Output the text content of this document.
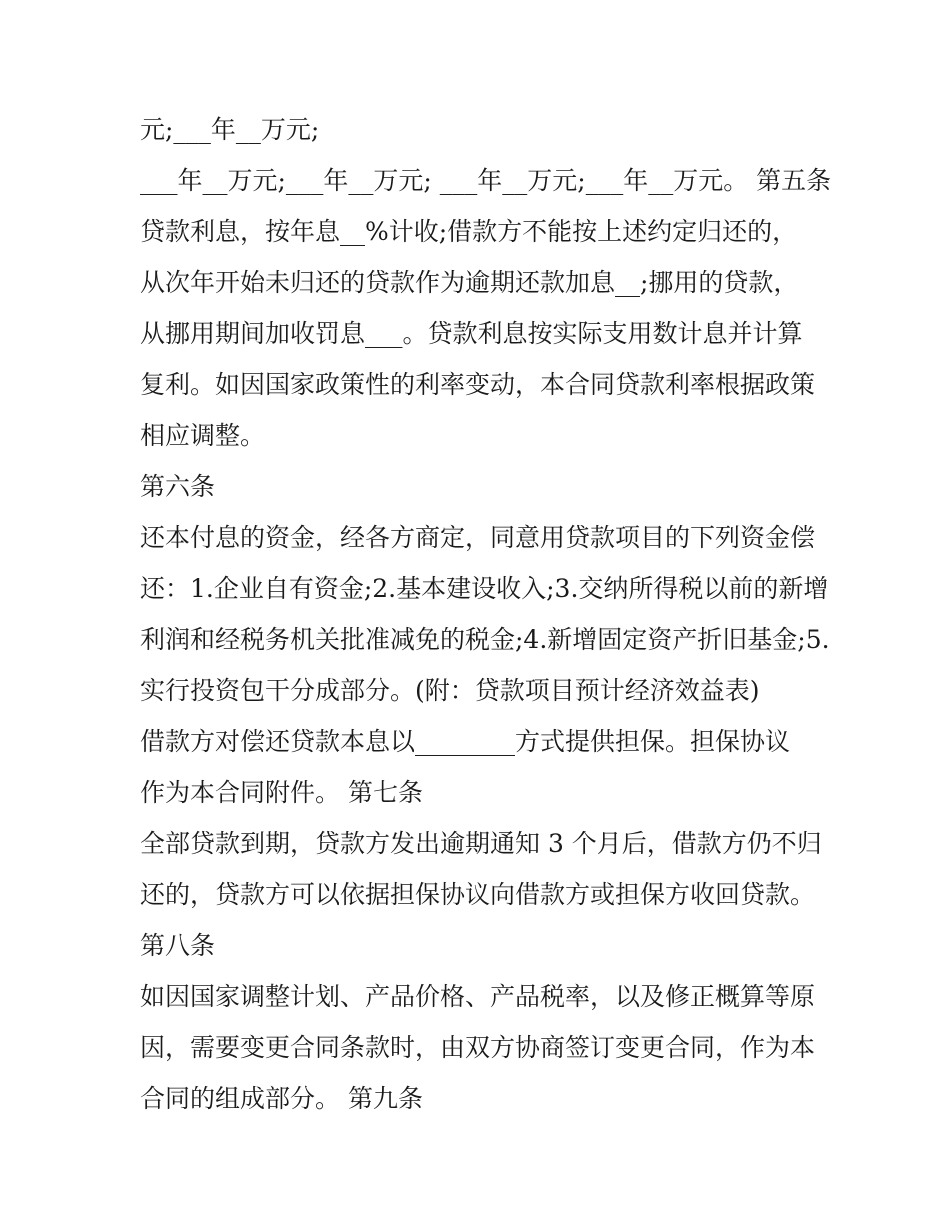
元;___年__万元;
___年__万元;___年__万元; ___年__万元;___年__万元。 第五条
贷款利息，按年息__%计收;借款方不能按上述约定归还的，
从次年开始未归还的贷款作为逾期还款加息__;挪用的贷款，
从挪用期间加收罚息___。贷款利息按实际支用数计息并计算
复利。如因国家政策性的利率变动，本合同贷款利率根据政策
相应调整。
第六条
还本付息的资金，经各方商定，同意用贷款项目的下列资金偿
还：1.企业自有资金;2.基本建设收入;3.交纳所得税以前的新增
利润和经税务机关批准减免的税金;4.新增固定资产折旧基金;5.
实行投资包干分成部分。(附：贷款项目预计经济效益表)
借款方对偿还贷款本息以________方式提供担保。担保协议
作为本合同附件。 第七条
全部贷款到期，贷款方发出逾期通知 3 个月后，借款方仍不归
还的，贷款方可以依据担保协议向借款方或担保方收回贷款。
第八条
如因国家调整计划、产品价格、产品税率，以及修正概算等原
因，需要变更合同条款时，由双方协商签订变更合同，作为本
合同的组成部分。 第九条
